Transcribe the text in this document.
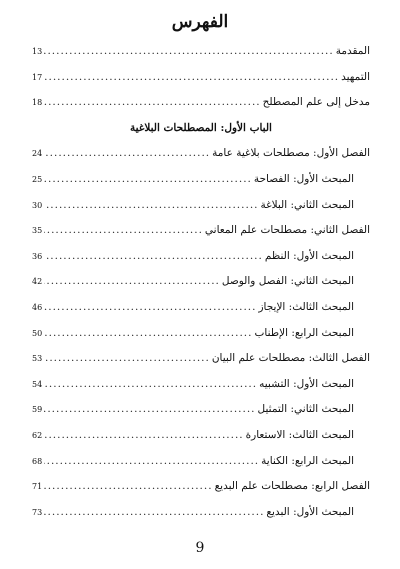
الفهرس
المقدمة
.....
13
التمهيد
.....
17
مدخل إلى علم المصطلح
.....
18
الباب الأول: المصطلحات البلاغية
الفصل الأول: مصطلحات بلاغية عامة
.....
24
المبحث الأول: الفصاحة
.....
25
المبحث الثاني: البلاغة
.....
30
الفصل الثاني: مصطلحات علم المعاني
.....
35
المبحث الأول: النظم
.....
36
المبحث الثاني: الفصل والوصل
.....
42
المبحث الثالث: الإيجاز
.....
46
المبحث الرابع: الإطناب
.....
50
الفصل الثالث: مصطلحات علم البيان
.....
53
المبحث الأول: التشبيه
.....
54
المبحث الثاني: التمثيل
.....
59
المبحث الثالث: الاستعارة
.....
62
المبحث الرابع: الكناية
.....
68
الفصل الرابع: مصطلحات علم البديع
.....
71
المبحث الأول: البديع
.....
73
9
